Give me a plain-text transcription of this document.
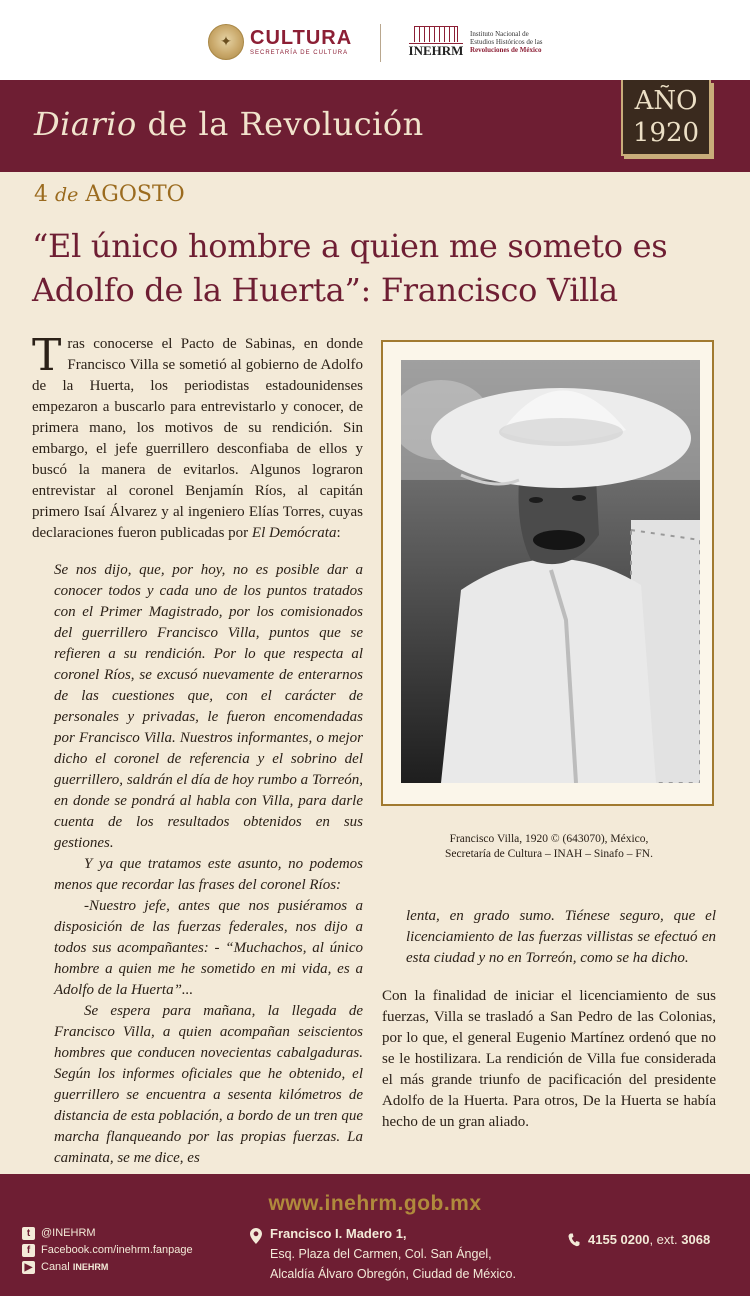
✦ CULTURA
SECRETARÍA DE CULTURA	INEHRM
Instituto Nacional de
Estudios Históricos de las
Revoluciones de México
Diario de la Revolución
AÑO
1920
4 de AGOSTO
“El único hombre a quien me someto es Adolfo de la Huerta”: Francisco Villa

Tras conocerse el Pacto de Sabinas, en donde Francisco Villa se sometió al gobierno de Adolfo de la Huerta, los periodistas estadounidenses empezaron a buscarlo para entrevistarlo y conocer, de primera mano, los motivos de su rendición. Sin embargo, el jefe guerrillero desconfiaba de ellos y buscó la manera de evitarlos. Algunos lograron entrevistar al coronel Benjamín Ríos, al capitán primero Isaí Álvarez y al ingeniero Elías Torres, cuyas declaraciones fueron publicadas por El Demócrata:

Se nos dijo, que, por hoy, no es posible dar a conocer todos y cada uno de los puntos tratados con el Primer Magistrado, por los comisionados del guerrillero Francisco Villa, puntos que se refieren a su rendición. Por lo que respecta al coronel Ríos, se excusó nuevamente de enterarnos de las cuestiones que, con el carácter de personales y privadas, le fueron encomendadas por Francisco Villa. Nuestros informantes, o mejor dicho el coronel de referencia y el sobrino del guerrillero, saldrán el día de hoy rumbo a Torreón, en donde se pondrá al habla con Villa, para darle cuenta de los resultados obtenidos en sus gestiones.

Y ya que tratamos este asunto, no podemos menos que recordar las frases del coronel Ríos:

-Nuestro jefe, antes que nos pusiéramos a disposición de las fuerzas federales, nos dijo a todos sus acompañantes: - “Muchachos, al único hombre a quien me he sometido en mi vida, es a Adolfo de la Huerta”...

Se espera para mañana, la llegada de Francisco Villa, a quien acompañan seiscientos hombres que conducen novecientas cabalgaduras. Según los informes oficiales que he obtenido, el guerrillero se encuentra a sesenta kilómetros de distancia de esta población, a bordo de un tren que marcha flanqueando por las propias fuerzas. La caminata, se me dice, es

Francisco Villa, 1920 © (643070), México,
Secretaría de Cultura – INAH – Sinafo – FN.
lenta, en grado sumo. Tiénese seguro, que el licenciamiento de las fuerzas villistas se efectuó en esta ciudad y no en Torreón, como se ha dicho.
Con la finalidad de iniciar el licenciamiento de sus fuerzas, Villa se trasladó a San Pedro de las Colonias, por lo que, el general Eugenio Martínez ordenó que no se le hostilizara. La rendición de Villa fue considerada el más grande triunfo de pacificación del presidente Adolfo de la Huerta. Para otros, De la Huerta se había hecho de un gran aliado.
www.inehrm.gob.mx
t @INEHRM
f Facebook.com/inehrm.fanpage
▶ Canal
INEHRM
Francisco I. Madero 1,
Esq. Plaza del Carmen, Col. San Ángel,
Alcaldía Álvaro Obregón, Ciudad de México.
4155 0200 , ext. 3068
